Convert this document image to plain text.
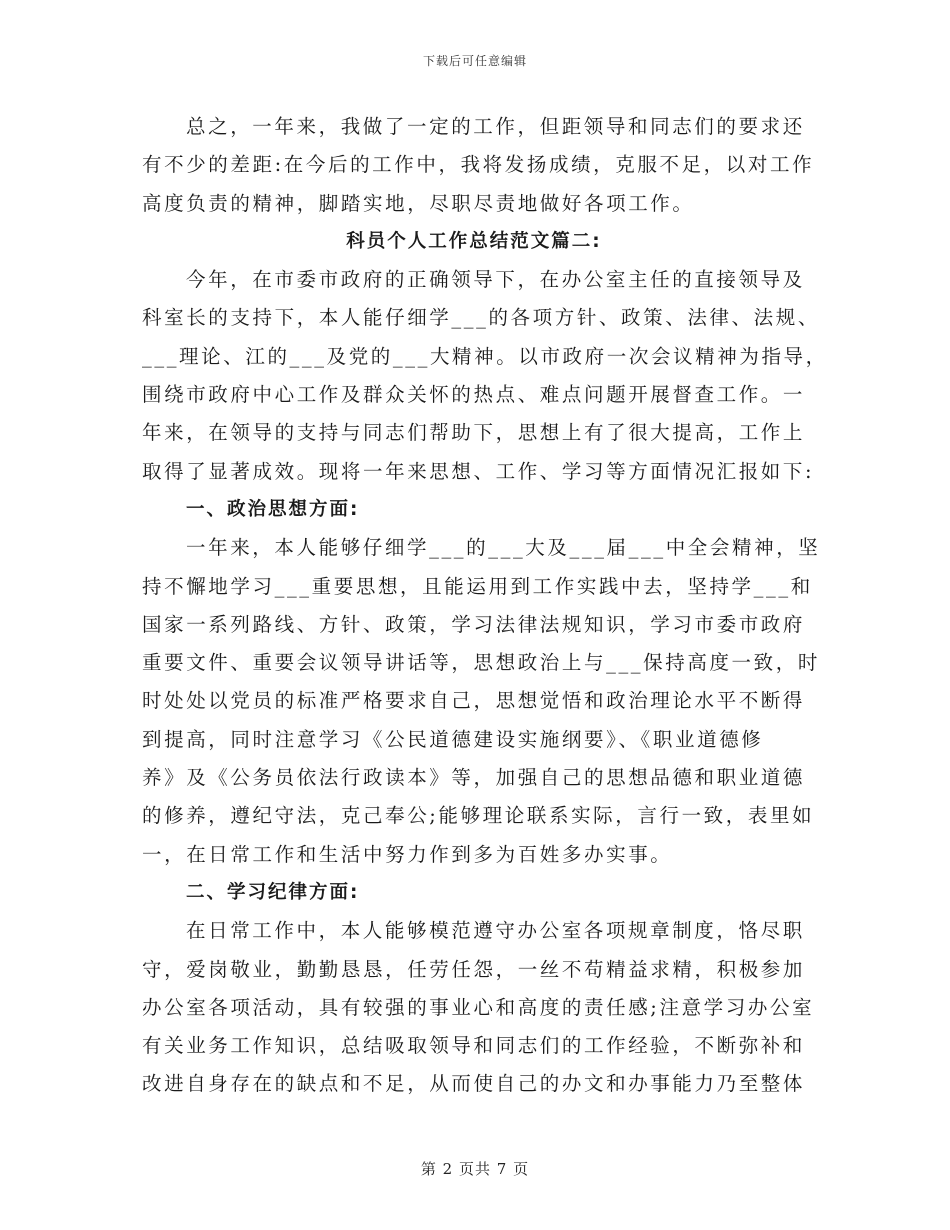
下载后可任意编辑
总之，一年来，我做了一定的工作，但距领导和同志们的要求还
有不少的差距:在今后的工作中，我将发扬成绩，克服不足，以对工作
高度负责的精神，脚踏实地，尽职尽责地做好各项工作。
科员个人工作总结范文篇二:
今年，在市委市政府的正确领导下，在办公室主任的直接领导及
科室长的支持下，本人能仔细学___的各项方针、政策、法律、法规、
___理论、江的___及党的___大精神。以市政府一次会议精神为指导，
围绕市政府中心工作及群众关怀的热点、难点问题开展督查工作。一
年来，在领导的支持与同志们帮助下，思想上有了很大提高，工作上
取得了显著成效。现将一年来思想、工作、学习等方面情况汇报如下:
一、政治思想方面:
一年来，本人能够仔细学___的___大及___届___中全会精神，坚
持不懈地学习___重要思想，且能运用到工作实践中去，坚持学___和
国家一系列路线、方针、政策，学习法律法规知识，学习市委市政府
重要文件、重要会议领导讲话等，思想政治上与___保持高度一致，时
时处处以党员的标准严格要求自己，思想觉悟和政治理论水平不断得
到提高，同时注意学习《公民道德建设实施纲要》、《职业道德修
养》及《公务员依法行政读本》等，加强自己的思想品德和职业道德
的修养，遵纪守法，克己奉公;能够理论联系实际，言行一致，表里如
一，在日常工作和生活中努力作到多为百姓多办实事。
二、学习纪律方面:
在日常工作中，本人能够模范遵守办公室各项规章制度，恪尽职
守，爱岗敬业，勤勤恳恳，任劳任怨，一丝不苟精益求精，积极参加
办公室各项活动，具有较强的事业心和高度的责任感;注意学习办公室
有关业务工作知识，总结吸取领导和同志们的工作经验，不断弥补和
改进自身存在的缺点和不足，从而使自己的办文和办事能力乃至整体
第 2 页共 7 页
